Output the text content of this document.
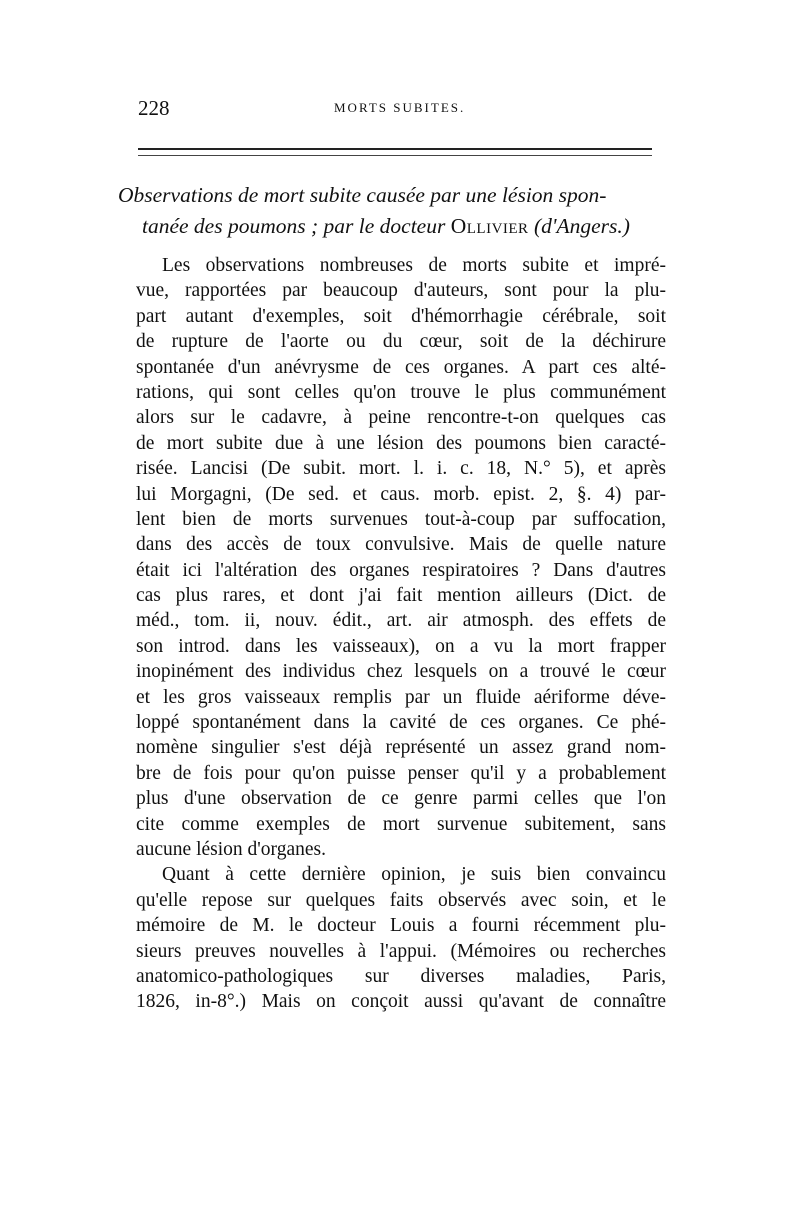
228	MORTS SUBITES.
Observations de mort subite causée par une lésion spon-
tanée des poumons ; par le docteur Ollivier (d'Angers.)
Les observations nombreuses de morts subite et impré-
vue, rapportées par beaucoup d'auteurs, sont pour la plu-
part autant d'exemples, soit d'hémorrhagie cérébrale, soit
de rupture de l'aorte ou du cœur, soit de la déchirure
spontanée d'un anévrysme de ces organes. A part ces alté-
rations, qui sont celles qu'on trouve le plus communément
alors sur le cadavre, à peine rencontre-t-on quelques cas
de mort subite due à une lésion des poumons bien caracté-
risée. Lancisi (De subit. mort. l. i. c. 18, N.° 5), et après
lui Morgagni, (De sed. et caus. morb. epist. 2, §. 4) par-
lent bien de morts survenues tout-à-coup par suffocation,
dans des accès de toux convulsive. Mais de quelle nature
était ici l'altération des organes respiratoires ? Dans d'autres
cas plus rares, et dont j'ai fait mention ailleurs (Dict. de
méd., tom. ii, nouv. édit., art. air atmosph. des effets de
son introd. dans les vaisseaux), on a vu la mort frapper
inopinément des individus chez lesquels on a trouvé le cœur
et les gros vaisseaux remplis par un fluide aériforme déve-
loppé spontanément dans la cavité de ces organes. Ce phé-
nomène singulier s'est déjà représenté un assez grand nom-
bre de fois pour qu'on puisse penser qu'il y a probablement
plus d'une observation de ce genre parmi celles que l'on
cite comme exemples de mort survenue subitement, sans
aucune lésion d'organes.
Quant à cette dernière opinion, je suis bien convaincu
qu'elle repose sur quelques faits observés avec soin, et le
mémoire de M. le docteur Louis a fourni récemment plu-
sieurs preuves nouvelles à l'appui. (Mémoires ou recherches
anatomico-pathologiques sur diverses maladies, Paris,
1826, in-8°.) Mais on conçoit aussi qu'avant de connaître
